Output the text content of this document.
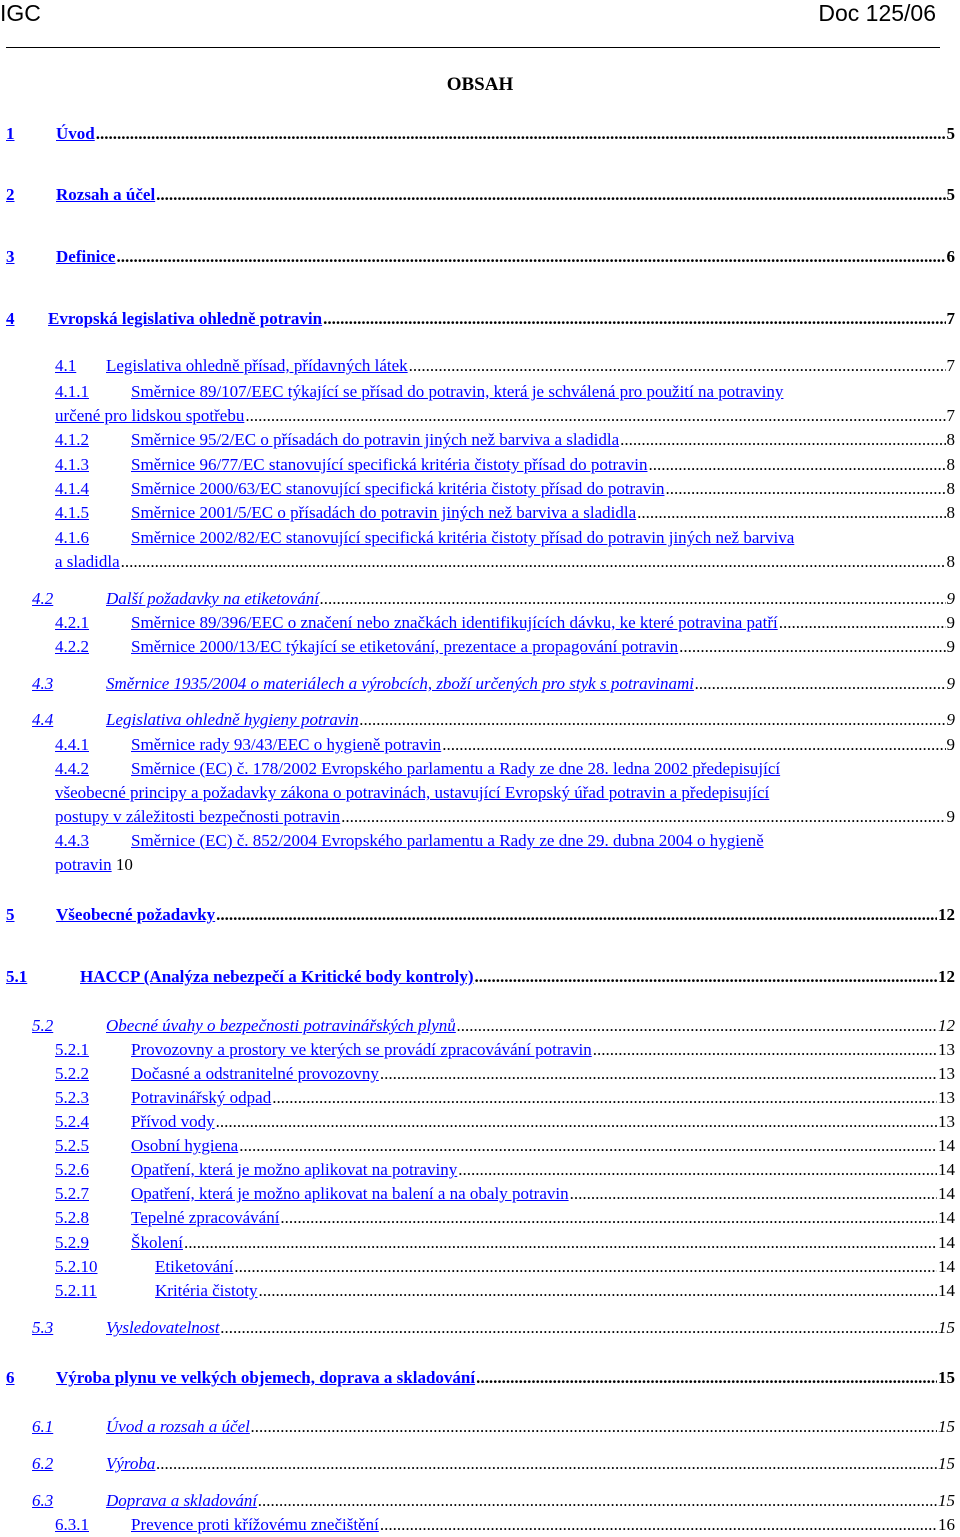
IGC	Doc 125/06
OBSAH
1 Úvod .....	5
2 Rozsah a účel .....	5
3 Definice .....	6
4 Evropská legislativa ohledně potravin .....	7
4.1 Legislativa ohledně přísad, přídavných látek .....	7
4.1.1 Směrnice 89/107/EEC týkající se přísad do potravin, která je schválená pro použití na potraviny
určené pro lidskou spotřebu .....	7
4.1.2 Směrnice 95/2/EC o přísadách do potravin jiných než barviva a sladidla .....	8
4.1.3 Směrnice 96/77/EC stanovující specifická kritéria čistoty přísad do potravin .....	8
4.1.4 Směrnice 2000/63/EC stanovující specifická kritéria čistoty přísad do potravin .....	8
4.1.5 Směrnice 2001/5/EC o přísadách do potravin jiných než barviva a sladidla .....	8
4.1.6 Směrnice 2002/82/EC stanovující specifická kritéria čistoty přísad do potravin jiných než barviva
a sladidla .....	8
4.2	Další požadavky na etiketování .....	9
4.2.1 Směrnice 89/396/EEC o značení nebo značkách identifikujících dávku, ke které potravina patří .....	9
4.2.2 Směrnice 2000/13/EC týkající se etiketování, prezentace a propagování potravin .....	9
4.3	Směrnice 1935/2004 o materiálech a výrobcích, zboží určených pro styk s potravinami .....	9
4.4	Legislativa ohledně hygieny potravin .....	9
4.4.1 Směrnice rady 93/43/EEC o hygieně potravin .....	9
4.4.2 Směrnice (EC) č. 178/2002 Evropského parlamentu a Rady ze dne 28. ledna 2002 předepisující
všeobecné principy a požadavky zákona o potravinách, ustavující Evropský úřad potravin a předepisující
postupy v záležitosti bezpečnosti potravin .....	9
4.4.3 Směrnice (EC) č. 852/2004 Evropského parlamentu a Rady ze dne 29. dubna 2004 o hygieně
potravin 10
5 Všeobecné požadavky .....	12
5.1	HACCP (Analýza nebezpečí a Kritické body kontroly) .....	12
5.2	Obecné úvahy o bezpečnosti potravinářských plynů .....	12
5.2.1 Provozovny a prostory ve kterých se provádí zpracovávání potravin .....	13
5.2.2 Dočasné a odstranitelné provozovny .....	13
5.2.3 Potravinářský odpad .....	13
5.2.4 Přívod vody .....	13
5.2.5 Osobní hygiena .....	14
5.2.6 Opatření, která je možno aplikovat na potraviny .....	14
5.2.7 Opatření, která je možno aplikovat na balení a na obaly potravin .....	14
5.2.8 Tepelné zpracovávání .....	14
5.2.9 Školení .....	14
5.2.10	Etiketování .....	14
5.2.11	Kritéria čistoty .....	14
5.3	Vysledovatelnost .....	15
6 Výroba plynu ve velkých objemech, doprava a skladování .....	15
6.1	Úvod a rozsah a účel .....	15
6.2	Výroba .....	15
6.3	Doprava a skladování .....	15
6.3.1 Prevence proti křížovému znečištění .....	16
